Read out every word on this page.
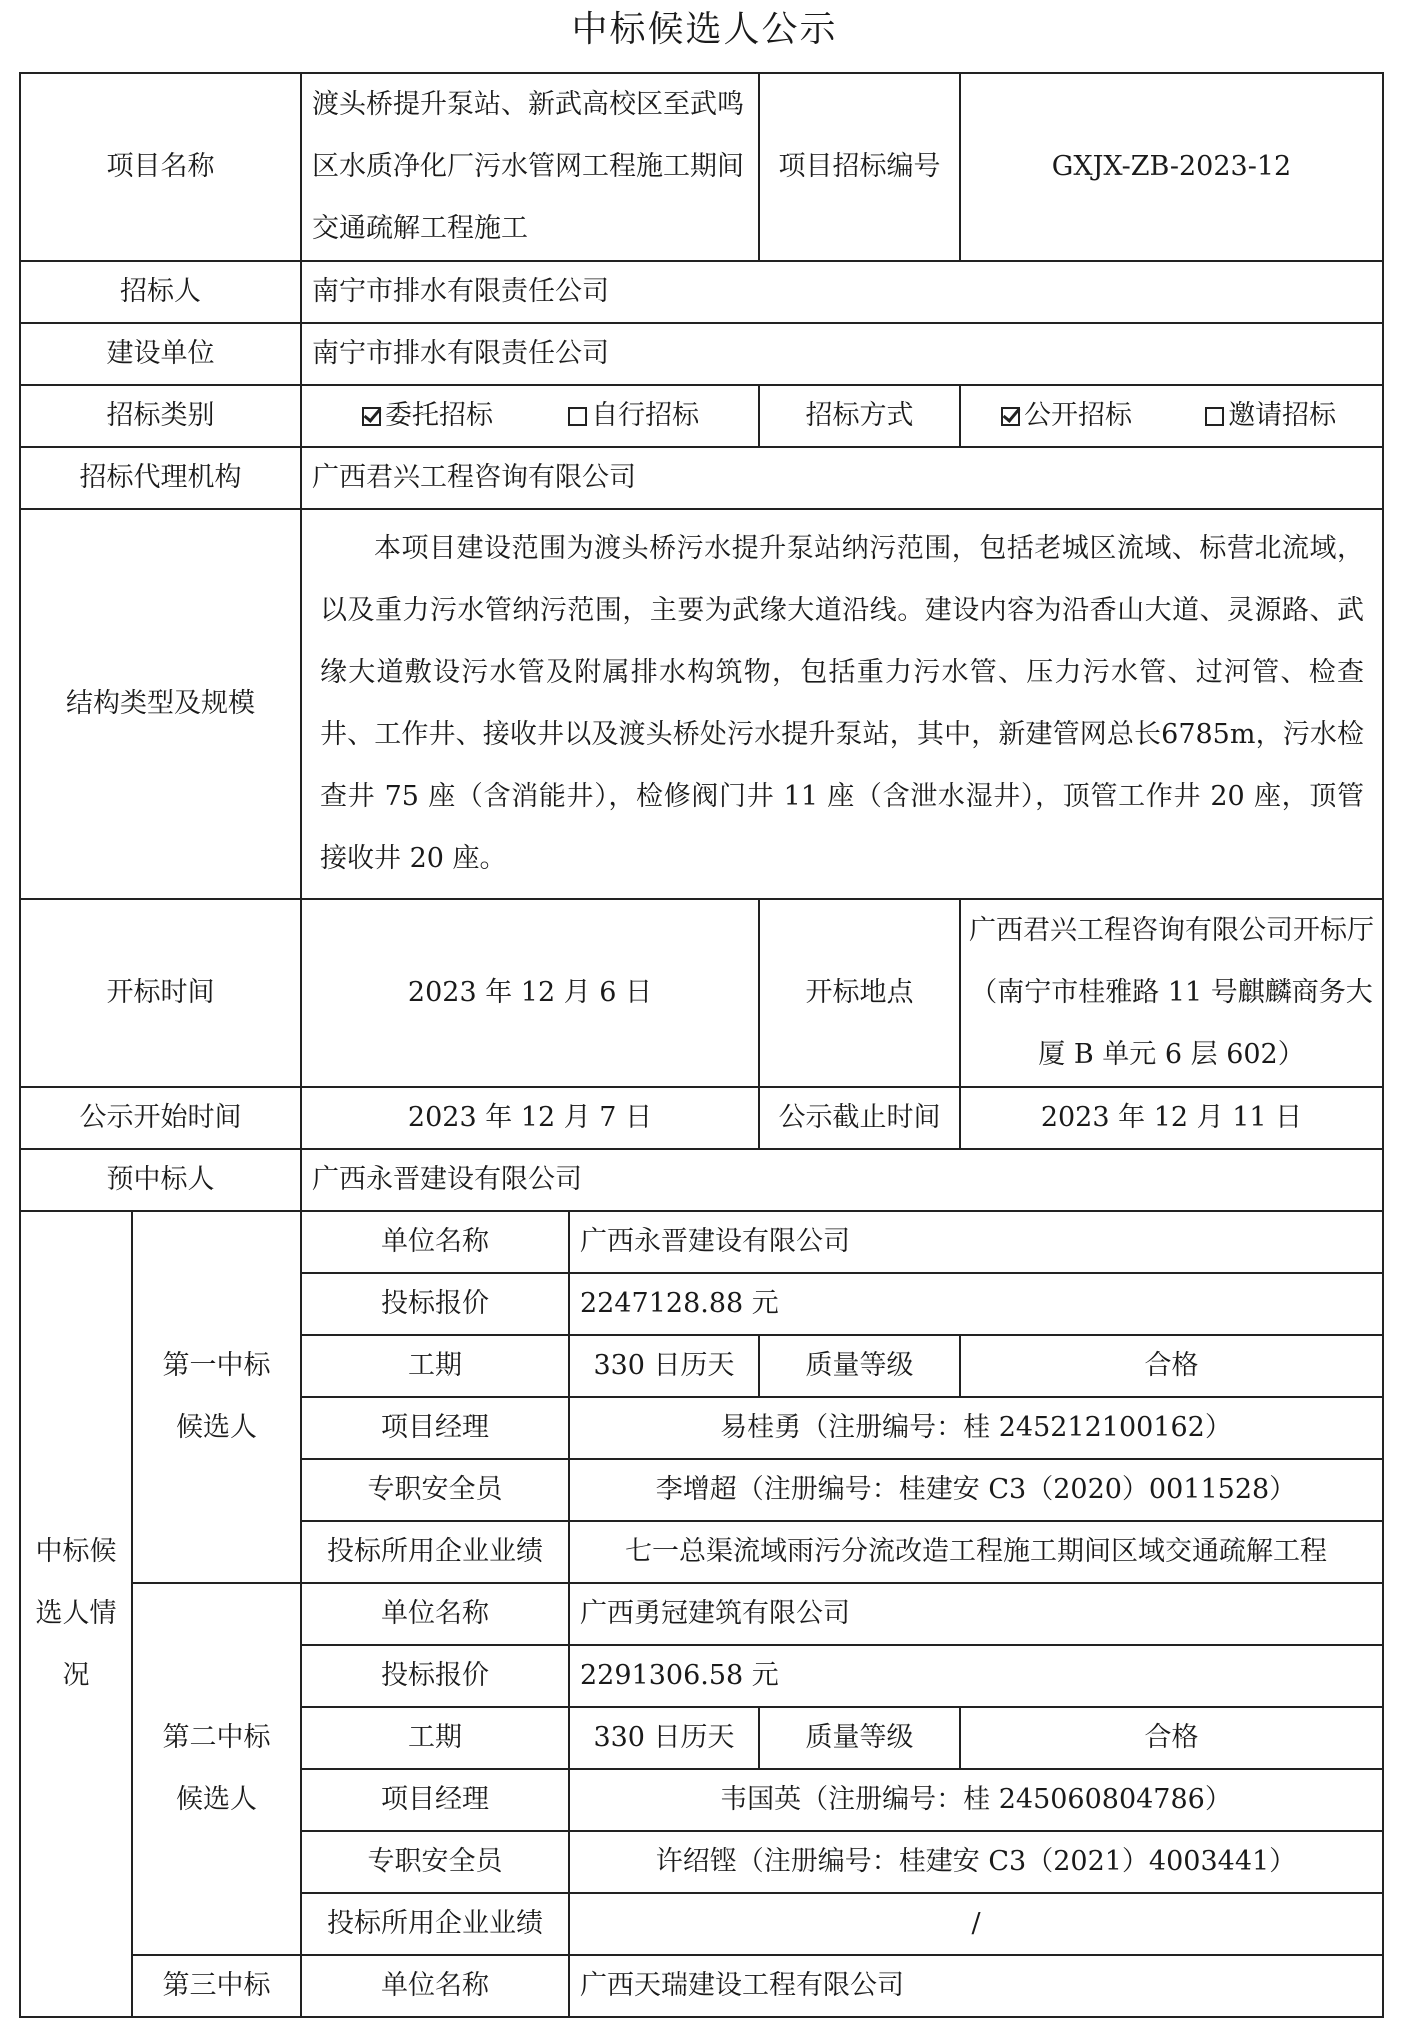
中标候选人公示
项目名称		渡头桥提升泵站、新武高校区至武鸣区水质净化厂污水管网工程施工期间交通疏解工程施工		项目招标编号	GXJX-ZB-2023-12
招标人		南宁市排水有限责任公司			
建设单位		南宁市排水有限责任公司			
招标类别		委托招标 自行招标		招标方式	公开招标 邀请招标
招标代理机构		广西君兴工程咨询有限公司			
结构类型及规模		本项目建设范围为渡头桥污水提升泵站纳污范围，包括老城区流域、标营北流域，以及重力污水管纳污范围，主要为武缘大道沿线。建设内容为沿香山大道、灵源路、武缘大道敷设污水管及附属排水构筑物，包括重力污水管、压力污水管、过河管、检查井、工作井、接收井以及渡头桥处污水提升泵站，其中，新建管网总长6785m，污水检查井 75 座（含消能井），检修阀门井 11 座（含泄水湿井），顶管工作井 20 座，顶管接收井 20 座。			
开标时间		2023 年 12 月 6 日		开标地点	广西君兴工程咨询有限公司开标厅（南宁市桂雅路 11 号麒麟商务大厦 B 单元 6 层 602）
公示开始时间		2023 年 12 月 7 日		公示截止时间	2023 年 12 月 11 日
预中标人		广西永晋建设有限公司			
中标候选人情况	第一中标候选人	单位名称	广西永晋建设有限公司		
		投标报价	2247128.88 元		
		工期	330 日历天	质量等级	合格
		项目经理	易桂勇（注册编号：桂 245212100162）		
		专职安全员	李增超（注册编号：桂建安 C3（2020）0011528）		
		投标所用企业业绩	七一总渠流域雨污分流改造工程施工期间区域交通疏解工程		
	第二中标候选人	单位名称	广西勇冠建筑有限公司		
		投标报价	2291306.58 元		
		工期	330 日历天	质量等级	合格
		项目经理	韦国英（注册编号：桂 245060804786）		
		专职安全员	许绍铿（注册编号：桂建安 C3（2021）4003441）		
		投标所用企业业绩	/		
	第三中标	单位名称	广西天瑞建设工程有限公司		
